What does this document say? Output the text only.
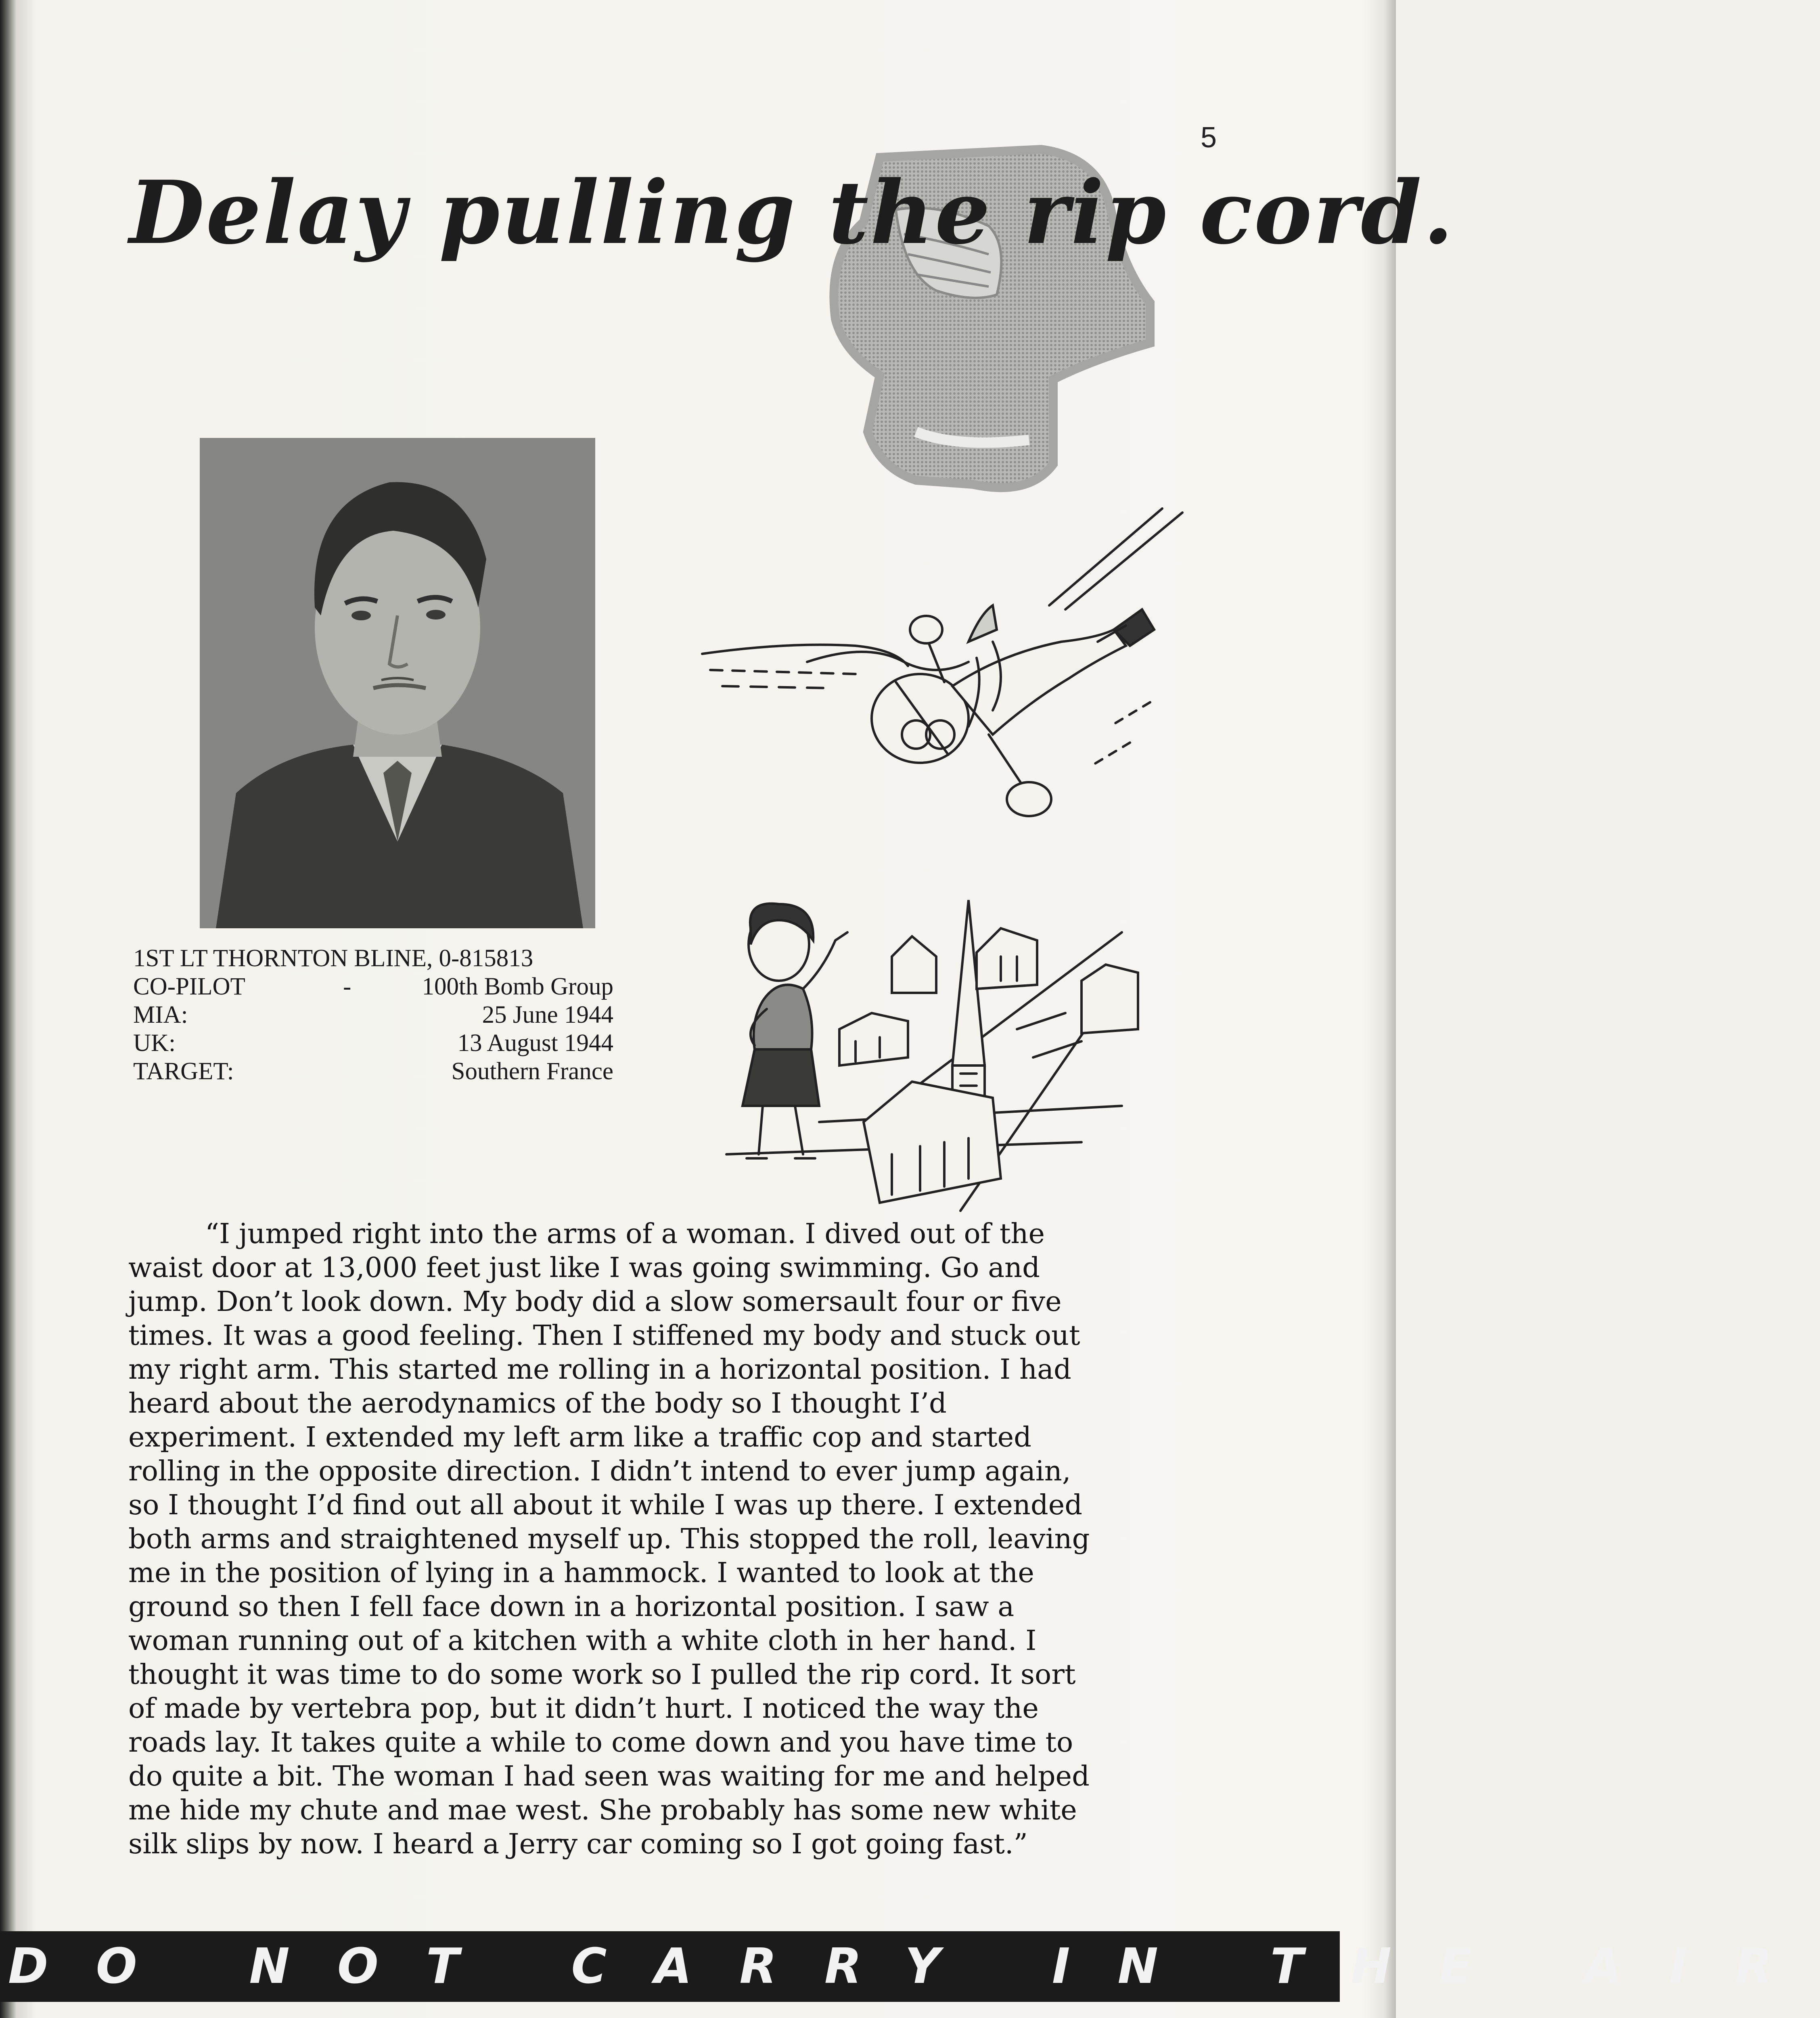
5
Delay pulling the rip cord.
1ST LT THORNTON BLINE, 0-815813
CO-PILOT	-	100th Bomb Group
MIA:	25 June 1944
UK:	13 August 1944
TARGET:	Southern France
“I jumped right into the arms of a woman. I dived out of the
waist door at 13,000 feet just like I was going swimming. Go and
jump. Don’t look down. My body did a slow somersault four or five
times. It was a good feeling. Then I stiffened my body and stuck out
my right arm. This started me rolling in a horizontal position. I had
heard about the aerodynamics of the body so I thought I’d
experiment. I extended my left arm like a traffic cop and started
rolling in the opposite direction. I didn’t intend to ever jump again,
so I thought I’d find out all about it while I was up there. I extended
both arms and straightened myself up. This stopped the roll, leaving
me in the position of lying in a hammock. I wanted to look at the
ground so then I fell face down in a horizontal position. I saw a
woman running out of a kitchen with a white cloth in her hand. I
thought it was time to do some work so I pulled the rip cord. It sort
of made by vertebra pop, but it didn’t hurt. I noticed the way the
roads lay. It takes quite a while to come down and you have time to
do quite a bit. The woman I had seen was waiting for me and helped
me hide my chute and mae west. She probably has some new white
silk slips by now. I heard a Jerry car coming so I got going fast.”
DO NOT CARRY IN THE AIR
